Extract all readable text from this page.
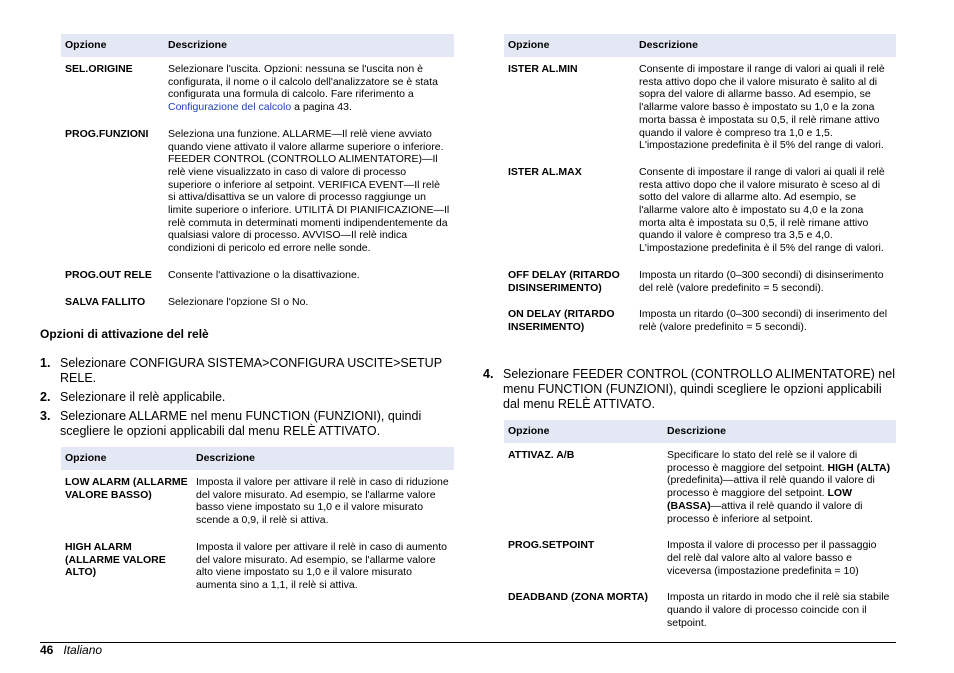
Opzione	Descrizione
SEL.ORIGINE	Selezionare l'uscita. Opzioni: nessuna se l'uscita non è configurata, il nome o il calcolo dell'analizzatore se è stata configurata una formula di calcolo. Fare riferimento a Configurazione del calcolo a pagina 43.
PROG.FUNZIONI	Seleziona una funzione. ALLARME—Il relè viene avviato quando viene attivato il valore allarme superiore o inferiore. FEEDER CONTROL (CONTROLLO ALIMENTATORE)—Il relè viene visualizzato in caso di valore di processo superiore o inferiore al setpoint. VERIFICA EVENT—Il relè si attiva/disattiva se un valore di processo raggiunge un limite superiore o inferiore. UTILITÀ DI PIANIFICAZIONE—Il relè commuta in determinati momenti indipendentemente da qualsiasi valore di processo. AVVISO—Il relè indica condizioni di pericolo ed errore nelle sonde.
PROG.OUT RELE	Consente l'attivazione o la disattivazione.
SALVA FALLITO	Selezionare l'opzione SI o No.
Opzioni di attivazione del relè
1. Selezionare CONFIGURA SISTEMA>CONFIGURA USCITE>SETUP RELE.
2. Selezionare il relè applicabile.
3. Selezionare ALLARME nel menu FUNCTION (FUNZIONI), quindi scegliere le opzioni applicabili dal menu RELÈ ATTIVATO.
Opzione	Descrizione
LOW ALARM (ALLARME VALORE BASSO)	Imposta il valore per attivare il relè in caso di riduzione del valore misurato. Ad esempio, se l'allarme valore basso viene impostato su 1,0 e il valore misurato scende a 0,9, il relè si attiva.
HIGH ALARM (ALLARME VALORE ALTO)	Imposta il valore per attivare il relè in caso di aumento del valore misurato. Ad esempio, se l'allarme valore alto viene impostato su 1,0 e il valore misurato aumenta sino a 1,1, il relè si attiva.
Opzione	Descrizione
ISTER AL.MIN	Consente di impostare il range di valori ai quali il relè resta attivo dopo che il valore misurato è salito al di sopra del valore di allarme basso. Ad esempio, se l'allarme valore basso è impostato su 1,0 e la zona morta bassa è impostata su 0,5, il relè rimane attivo quando il valore è compreso tra 1,0 e 1,5. L'impostazione predefinita è il 5% del range di valori.
ISTER AL.MAX	Consente di impostare il range di valori ai quali il relè resta attivo dopo che il valore misurato è sceso al di sotto del valore di allarme alto. Ad esempio, se l'allarme valore alto è impostato su 4,0 e la zona morta alta è impostata su 0,5, il relè rimane attivo quando il valore è compreso tra 3,5 e 4,0. L'impostazione predefinita è il 5% del range di valori.
OFF DELAY (RITARDO DISINSERIMENTO)	Imposta un ritardo (0–300 secondi) di disinserimento del relè (valore predefinito = 5 secondi).
ON DELAY (RITARDO INSERIMENTO)	Imposta un ritardo (0–300 secondi) di inserimento del relè (valore predefinito = 5 secondi).
4. Selezionare FEEDER CONTROL (CONTROLLO ALIMENTATORE) nel menu FUNCTION (FUNZIONI), quindi scegliere le opzioni applicabili dal menu RELÈ ATTIVATO.
Opzione	Descrizione
ATTIVAZ. A/B	Specificare lo stato del relè se il valore di processo è maggiore del setpoint. HIGH (ALTA) (predefinita)—attiva il relè quando il valore di processo è maggiore del setpoint. LOW (BASSA)—attiva il relè quando il valore di processo è inferiore al setpoint.
PROG.SETPOINT	Imposta il valore di processo per il passaggio del relè dal valore alto al valore basso e viceversa (impostazione predefinita = 10)
DEADBAND (ZONA MORTA)	Imposta un ritardo in modo che il relè sia stabile quando il valore di processo coincide con il setpoint.
46 Italiano
